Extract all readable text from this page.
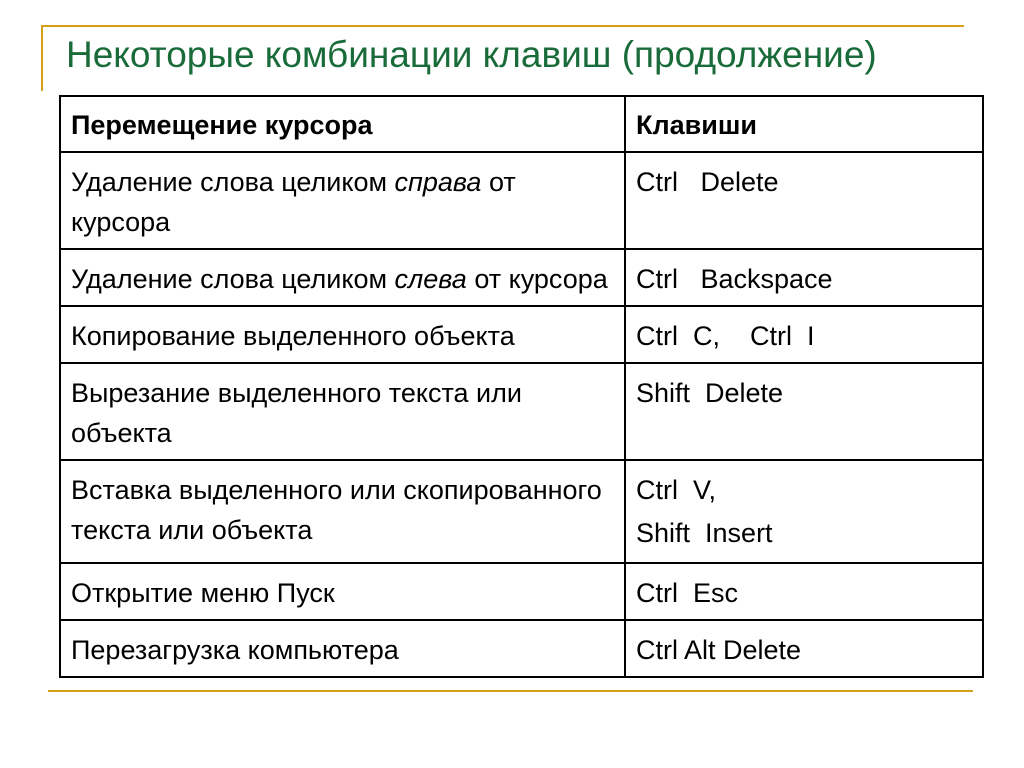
Некоторые комбинации клавиш (продолжение)
Перемещение курсора	Клавиши
Удаление слова целиком справа от курсора	Ctrl   Delete

Удаление слова целиком слева от курсора	Ctrl   Backspace

Копирование выделенного объекта	Ctrl  C,    Ctrl  I

Вырезание выделенного текста или объекта	Shift  Delete

Вставка выделенного или скопированного текста или объекта	Ctrl  V,
Shift  Insert

Открытие меню Пуск	Ctrl  Esc

Перезагрузка компьютера	Ctrl Alt Delete
